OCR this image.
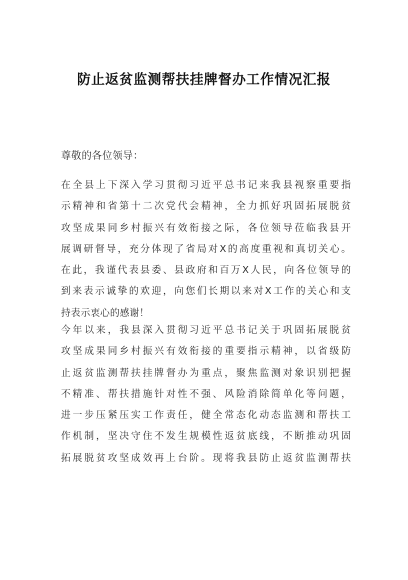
防止返贫监测帮扶挂牌督办工作情况汇报
尊敬的各位领导：
在全县上下深入学习贯彻习近平总书记来我县视察重要指
示精神和省第十二次党代会精神，全力抓好巩固拓展脱贫
攻坚成果同乡村振兴有效衔接之际，各位领导莅临我县开
展调研督导，充分体现了省局对X的高度重视和真切关心。
在此，我谨代表县委、县政府和百万X人民，向各位领导的
到来表示诚挚的欢迎，向您们长期以来对X工作的关心和支
持表示衷心的感谢！
今年以来，我县深入贯彻习近平总书记关于巩固拓展脱贫
攻坚成果同乡村振兴有效衔接的重要指示精神，以省级防
止返贫监测帮扶挂牌督办为重点，聚焦监测对象识别把握
不精准、帮扶措施针对性不强、风险消除简单化等问题，
进一步压紧压实工作责任，健全常态化动态监测和帮扶工
作机制，坚决守住不发生规模性返贫底线，不断推动巩固
拓展脱贫攻坚成效再上台阶。现将我县防止返贫监测帮扶
